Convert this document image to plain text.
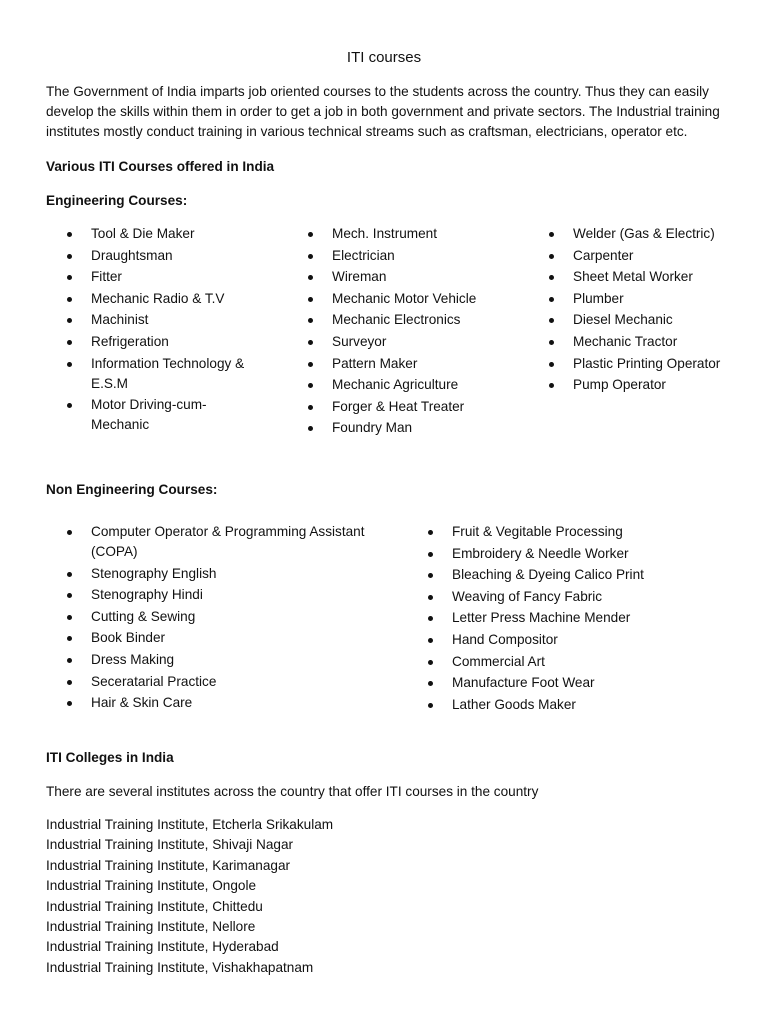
ITI courses
The Government of India imparts job oriented courses to the students across the country. Thus they can easily develop the skills within them in order to get a job in both government and private sectors. The Industrial training institutes mostly conduct training in various technical streams such as craftsman, electricians, operator etc.
Various ITI Courses offered in India
Engineering Courses:
Tool & Die Maker
Draughtsman
Fitter
Mechanic Radio & T.V
Machinist
Refrigeration
Information Technology & E.S.M
Motor Driving-cum-Mechanic
Mech. Instrument
Electrician
Wireman
Mechanic Motor Vehicle
Mechanic Electronics
Surveyor
Pattern Maker
Mechanic Agriculture
Forger & Heat Treater
Foundry Man
Welder (Gas & Electric)
Carpenter
Sheet Metal Worker
Plumber
Diesel Mechanic
Mechanic Tractor
Plastic Printing Operator
Pump Operator
Non Engineering Courses:
Computer Operator & Programming Assistant (COPA)
Stenography English
Stenography Hindi
Cutting & Sewing
Book Binder
Dress Making
Seceratarial Practice
Hair & Skin Care
Fruit & Vegitable Processing
Embroidery & Needle Worker
Bleaching & Dyeing Calico Print
Weaving of Fancy Fabric
Letter Press Machine Mender
Hand Compositor
Commercial Art
Manufacture Foot Wear
Lather Goods Maker
ITI Colleges in India
There are several institutes across the country that offer ITI courses in the country
Industrial Training Institute, Etcherla Srikakulam
Industrial Training Institute, Shivaji Nagar
Industrial Training Institute, Karimanagar
Industrial Training Institute, Ongole
Industrial Training Institute, Chittedu
Industrial Training Institute, Nellore
Industrial Training Institute, Hyderabad
Industrial Training Institute, Vishakhapatnam
